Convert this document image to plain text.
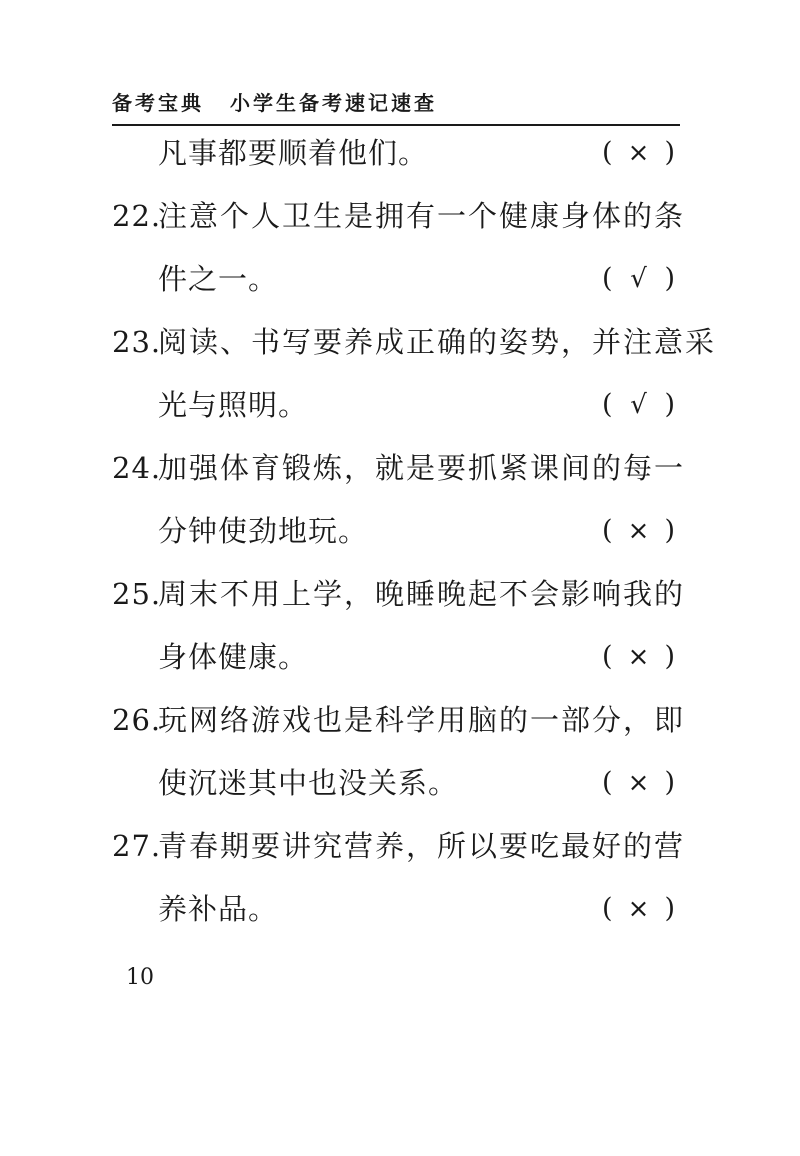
备考宝典 小学生备考速记速查
凡事都要顺着他们。	( × )
22.注意个人卫生是拥有一个健康身体的条
件之一。	( √ )
23.阅读、书写要养成正确的姿势，并注意采
光与照明。	( √ )
24.加强体育锻炼，就是要抓紧课间的每一
分钟使劲地玩。	( × )
25.周末不用上学，晚睡晚起不会影响我的
身体健康。	( × )
26.玩网络游戏也是科学用脑的一部分，即
使沉迷其中也没关系。	( × )
27.青春期要讲究营养，所以要吃最好的营
养补品。	( × )
10
